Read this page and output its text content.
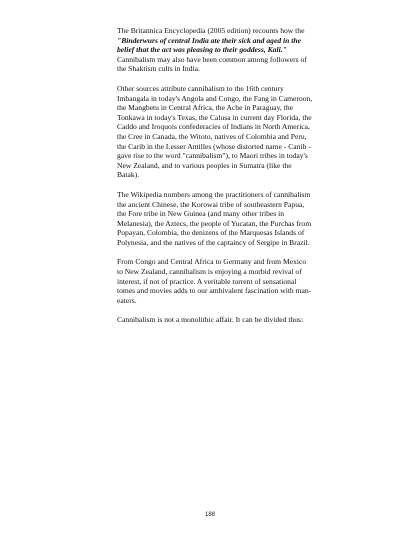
The Britannica Encyclopedia (2005 edition) recounts how the "Binderwurs of central India ate their sick and aged in the belief that the act was pleasing to their goddess, Kali." Cannibalism may also have been common among followers of the Shaktism cults in India.

Other sources attribute cannibalism to the 16th century Imbangala in today's Angola and Congo, the Fang in Cameroon, the Mangbetu in Central Africa, the Ache in Paraguay, the Tonkawa in today's Texas, the Calusa in current day Florida, the Caddo and Iroquois confederacies of Indians in North America, the Cree in Canada, the Witoto, natives of Colombia and Peru, the Carib in the Lesser Antilles (whose distorted name - Canib - gave rise to the word "cannibalism"), to Maori tribes in today's New Zealand, and to various peoples in Sumatra (like the Batak).

The Wikipedia numbers among the practitioners of cannibalism the ancient Chinese, the Korowai tribe of southeastern Papua, the Fore tribe in New Guinea (and many other tribes in Melanesia), the Aztecs, the people of Yucatan, the Purchas from Popayan, Colombia, the denizens of the Marquesas Islands of Polynesia, and the natives of the captaincy of Sergipe in Brazil.

From Congo and Central Africa to Germany and from Mexico to New Zealand, cannibalism is enjoying a morbid revival of interest, if not of practice. A veritable torrent of sensational tomes and movies adds to our ambivalent fascination with man-eaters.

Cannibalism is not a monolithic affair. It can be divided thus:

188
